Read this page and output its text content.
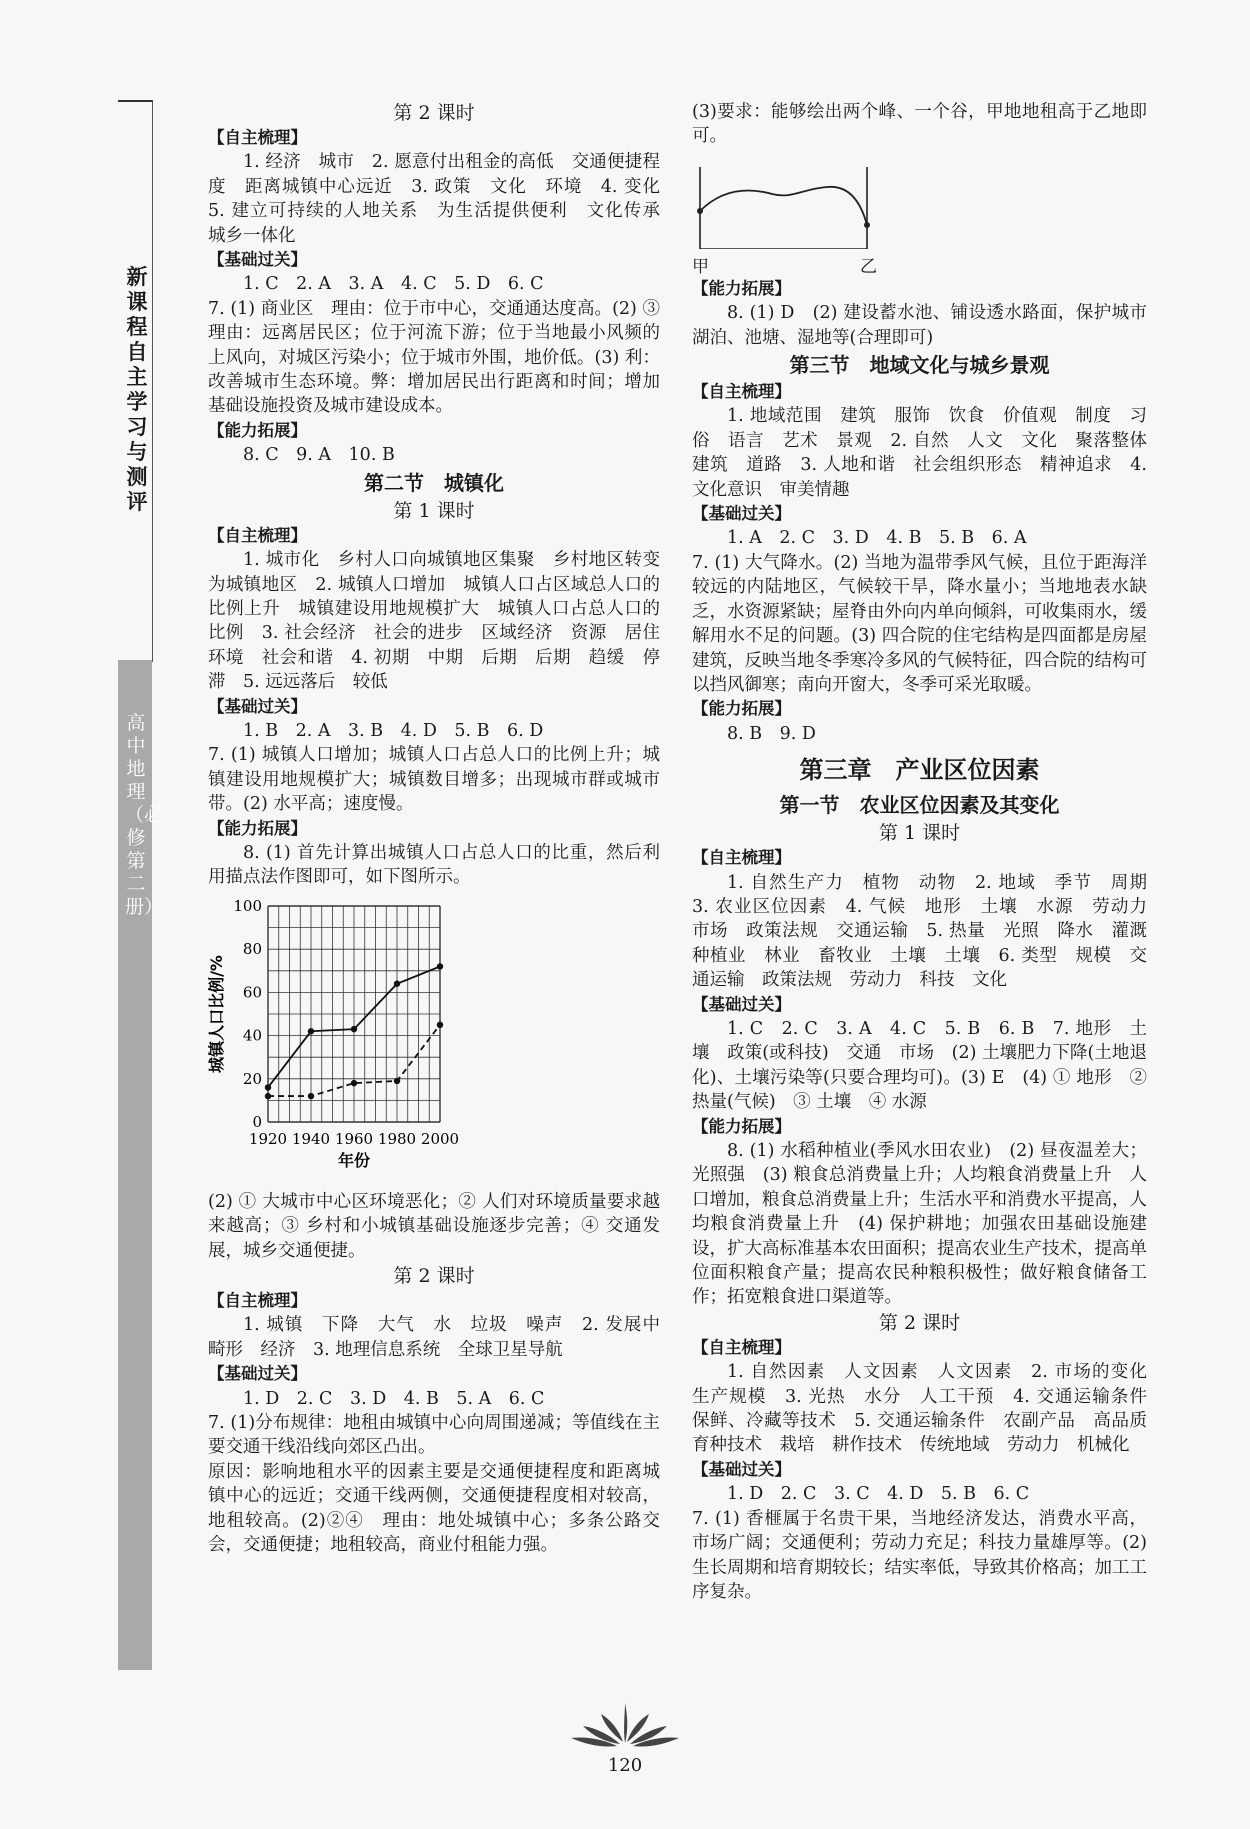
新课程自主学习与测评
高中地理（必修　第二册）
第 2 课时
【自主梳理】

1. 经济　城市　2. 愿意付出租金的高低　交通便捷程度　距离城镇中心远近　3. 政策　文化　环境　4. 变化　5. 建立可持续的人地关系　为生活提供便利　文化传承　城乡一体化

【基础过关】

1. C　2. A　3. A　4. C　5. D　6. C

7. (1) 商业区　理由：位于市中心，交通通达度高。(2) ③　理由：远离居民区；位于河流下游；位于当地最小风频的上风向，对城区污染小；位于城市外围，地价低。(3) 利：改善城市生态环境。弊：增加居民出行距离和时间；增加基础设施投资及城市建设成本。

【能力拓展】

8. C　9. A　10. B

第二节　城镇化
第 1 课时
【自主梳理】

1. 城市化　乡村人口向城镇地区集聚　乡村地区转变为城镇地区　2. 城镇人口增加　城镇人口占区域总人口的比例上升　城镇建设用地规模扩大　城镇人口占总人口的比例　3. 社会经济　社会的进步　区域经济　资源　居住环境　社会和谐　4. 初期　中期　后期　后期　趋缓　停滞　5. 远远落后　较低

【基础过关】

1. B　2. A　3. B　4. D　5. B　6. D

7. (1) 城镇人口增加；城镇人口占总人口的比例上升；城镇建设用地规模扩大；城镇数目增多；出现城市群或城市带。(2) 水平高；速度慢。

【能力拓展】

8. (1) 首先计算出城镇人口占总人口的比重，然后利用描点法作图即可，如下图所示。

0
20
40
60
80
100
1920 1940 1960 1980 2000
年份
城镇人口比例/%

(2) ① 大城市中心区环境恶化；② 人们对环境质量要求越来越高；③ 乡村和小城镇基础设施逐步完善；④ 交通发展，城乡交通便捷。

第 2 课时
【自主梳理】

1. 城镇　下降　大气　水　垃圾　噪声　2. 发展中　畸形　经济　3. 地理信息系统　全球卫星导航

【基础过关】

1. D　2. C　3. D　4. B　5. A　6. C

7. (1)分布规律：地租由城镇中心向周围递减；等值线在主要交通干线沿线向郊区凸出。

原因：影响地租水平的因素主要是交通便捷程度和距离城镇中心的远近；交通干线两侧，交通便捷程度相对较高，地租较高。(2)②④　理由：地处城镇中心；多条公路交会，交通便捷；地租较高，商业付租能力强。

(3)要求：能够绘出两个峰、一个谷，甲地地租高于乙地即可。

甲	乙
【能力拓展】

8. (1) D　(2) 建设蓄水池、铺设透水路面，保护城市湖泊、池塘、湿地等(合理即可)

第三节　地域文化与城乡景观
【自主梳理】

1. 地域范围　建筑　服饰　饮食　价值观　制度　习俗　语言　艺术　景观　2. 自然　人文　文化　聚落整体　建筑　道路　3. 人地和谐　社会组织形态　精神追求　4. 文化意识　审美情趣

【基础过关】

1. A　2. C　3. D　4. B　5. B　6. A

7. (1) 大气降水。(2) 当地为温带季风气候，且位于距海洋较远的内陆地区，气候较干旱，降水量小；当地地表水缺乏，水资源紧缺；屋脊由外向内单向倾斜，可收集雨水，缓解用水不足的问题。(3) 四合院的住宅结构是四面都是房屋建筑，反映当地冬季寒冷多风的气候特征，四合院的结构可以挡风御寒；南向开窗大，冬季可采光取暖。

【能力拓展】

8. B　9. D

第三章　产业区位因素
第一节　农业区位因素及其变化
第 1 课时
【自主梳理】

1. 自然生产力　植物　动物　2. 地域　季节　周期　3. 农业区位因素　4. 气候　地形　土壤　水源　劳动力　市场　政策法规　交通运输　5. 热量　光照　降水　灌溉　种植业　林业　畜牧业　土壤　土壤　6. 类型　规模　交通运输　政策法规　劳动力　科技　文化

【基础过关】

1. C　2. C　3. A　4. C　5. B　6. B　7. 地形　土壤　政策(或科技)　交通　市场　(2) 土壤肥力下降(土地退化)、土壤污染等(只要合理均可)。(3) E　(4) ① 地形　② 热量(气候)　③ 土壤　④ 水源

【能力拓展】

8. (1) 水稻种植业(季风水田农业)　(2) 昼夜温差大；光照强　(3) 粮食总消费量上升；人均粮食消费量上升　人口增加，粮食总消费量上升；生活水平和消费水平提高，人均粮食消费量上升　(4) 保护耕地；加强农田基础设施建设，扩大高标准基本农田面积；提高农业生产技术，提高单位面积粮食产量；提高农民种粮积极性；做好粮食储备工作；拓宽粮食进口渠道等。

第 2 课时
【自主梳理】

1. 自然因素　人文因素　人文因素　2. 市场的变化　生产规模　3. 光热　水分　人工干预　4. 交通运输条件　保鲜、冷藏等技术　5. 交通运输条件　农副产品　高品质　育种技术　栽培　耕作技术　传统地域　劳动力　机械化

【基础过关】

1. D　2. C　3. C　4. D　5. B　6. C

7. (1) 香榧属于名贵干果，当地经济发达，消费水平高，市场广阔；交通便利；劳动力充足；科技力量雄厚等。(2) 生长周期和培育期较长；结实率低，导致其价格高；加工工序复杂。

120
